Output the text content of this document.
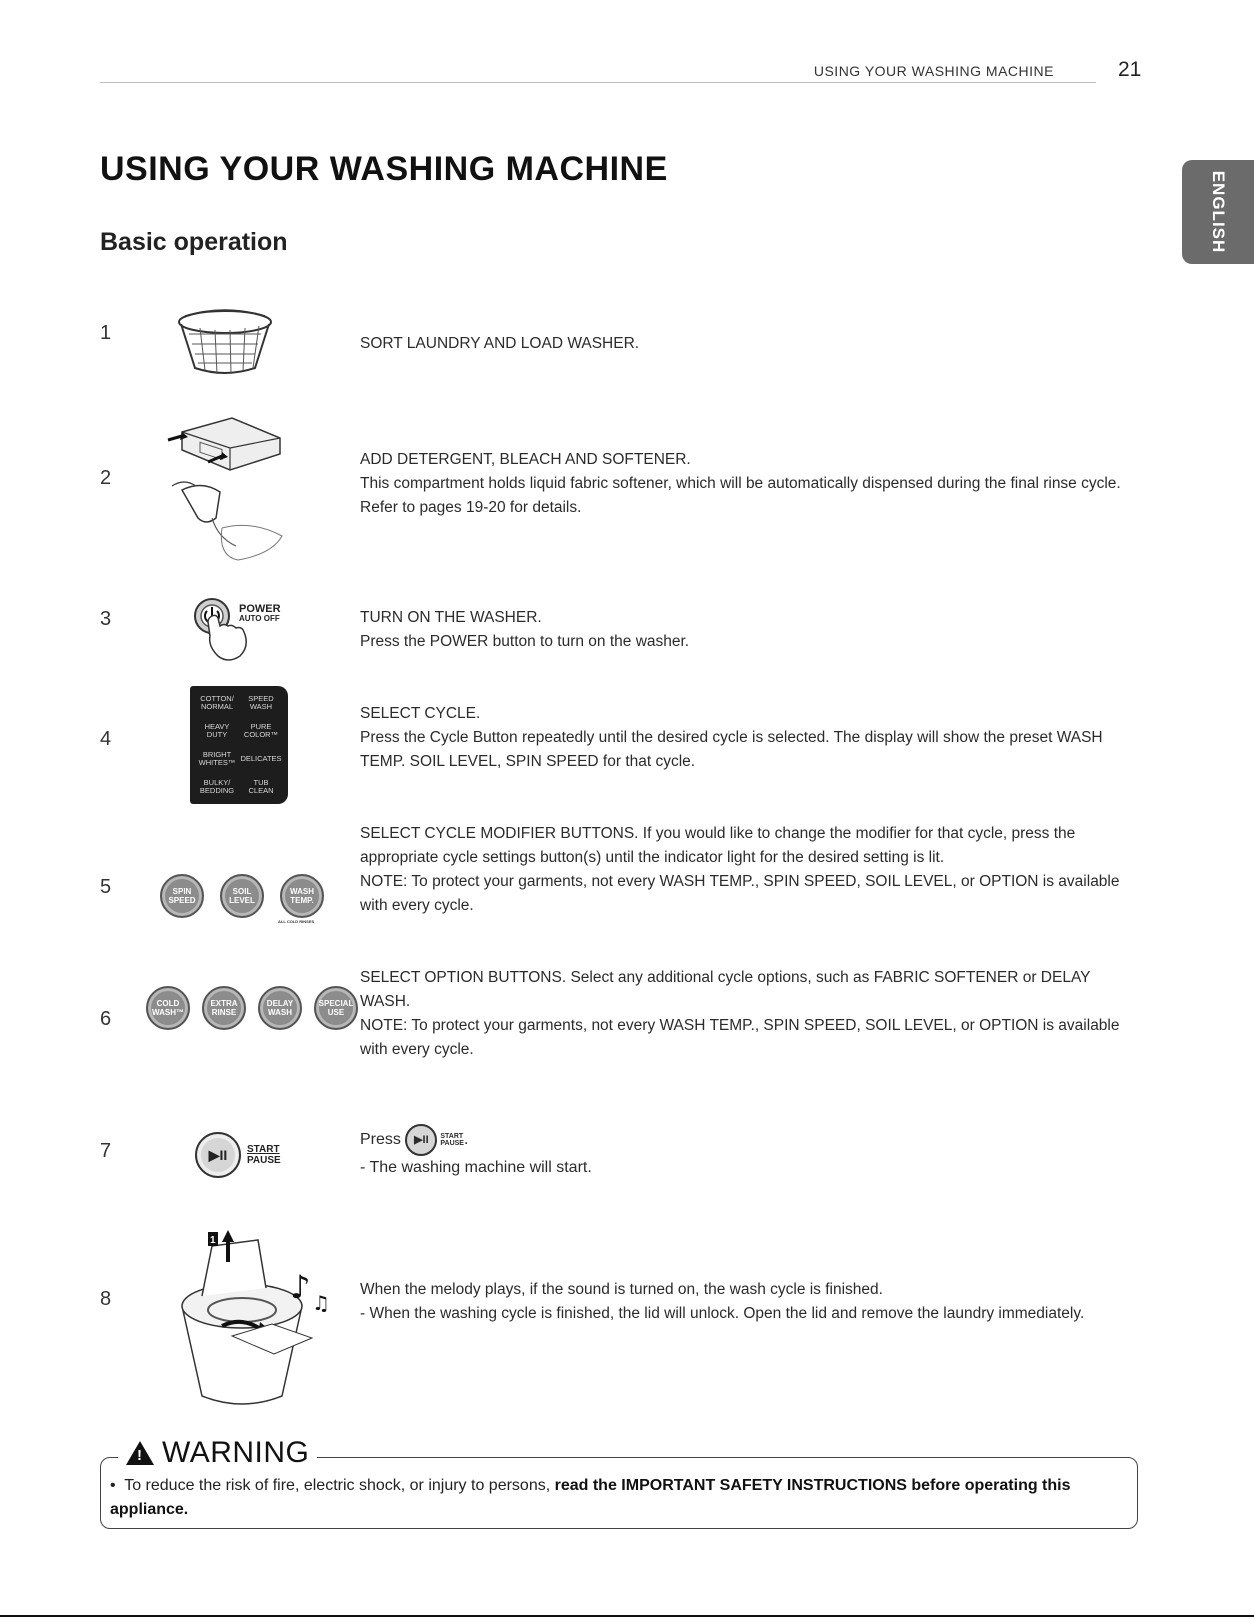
USING YOUR WASHING MACHINE	21
ENGLISH
USING YOUR WASHING MACHINE
Basic operation
1	SORT LAUNDRY AND LOAD WASHER.

2

ADD DETERGENT, BLEACH AND SOFTENER.

This compartment holds liquid fabric softener, which will be automatically dispensed during the final rinse cycle. Refer to pages 19-20 for details.

3	POWER
AUTO OFF	TURN ON THE WASHER.

Press the POWER button to turn on the washer.

4
COTTON/ NORMAL
SPEED WASH
HEAVY DUTY
PURE COLOR™
BRIGHT WHITES™ DELICATES
BULKY/ BEDDING
TUB CLEAN

SELECT CYCLE.

Press the Cycle Button repeatedly until the desired cycle is selected. The display will show the preset WASH TEMP. SOIL LEVEL, SPIN SPEED for that cycle.

5	SPIN SPEED
SOIL LEVEL
WASH TEMP.
ALL COLD RINSES

SELECT CYCLE MODIFIER BUTTONS. If you would like to change the modifier for that cycle, press the appropriate cycle settings button(s) until the indicator light for the desired setting is lit.

NOTE: To protect your garments, not every WASH TEMP., SPIN SPEED, SOIL LEVEL, or OPTION is available with every cycle.

6
COLD WASH™
EXTRA RINSE
DELAY WASH
SPECIAL USE

SELECT OPTION BUTTONS. Select any additional cycle options, such as FABRIC SOFTENER or DELAY WASH.

NOTE: To protect your garments, not every WASH TEMP., SPIN SPEED, SOIL LEVEL, or OPTION is available with every cycle.

7	▶II	START
PAUSE

Press	▶II	START
PAUSE .

- The washing machine will start.

8
1
♪ ♫

When the melody plays, if the sound is turned on, the wash cycle is finished.

- When the washing cycle is finished, the lid will unlock. Open the lid and remove the laundry immediately.

!
WARNING
•  To reduce the risk of fire, electric shock, or injury to persons, read the IMPORTANT SAFETY INSTRUCTIONS before operating this appliance.
